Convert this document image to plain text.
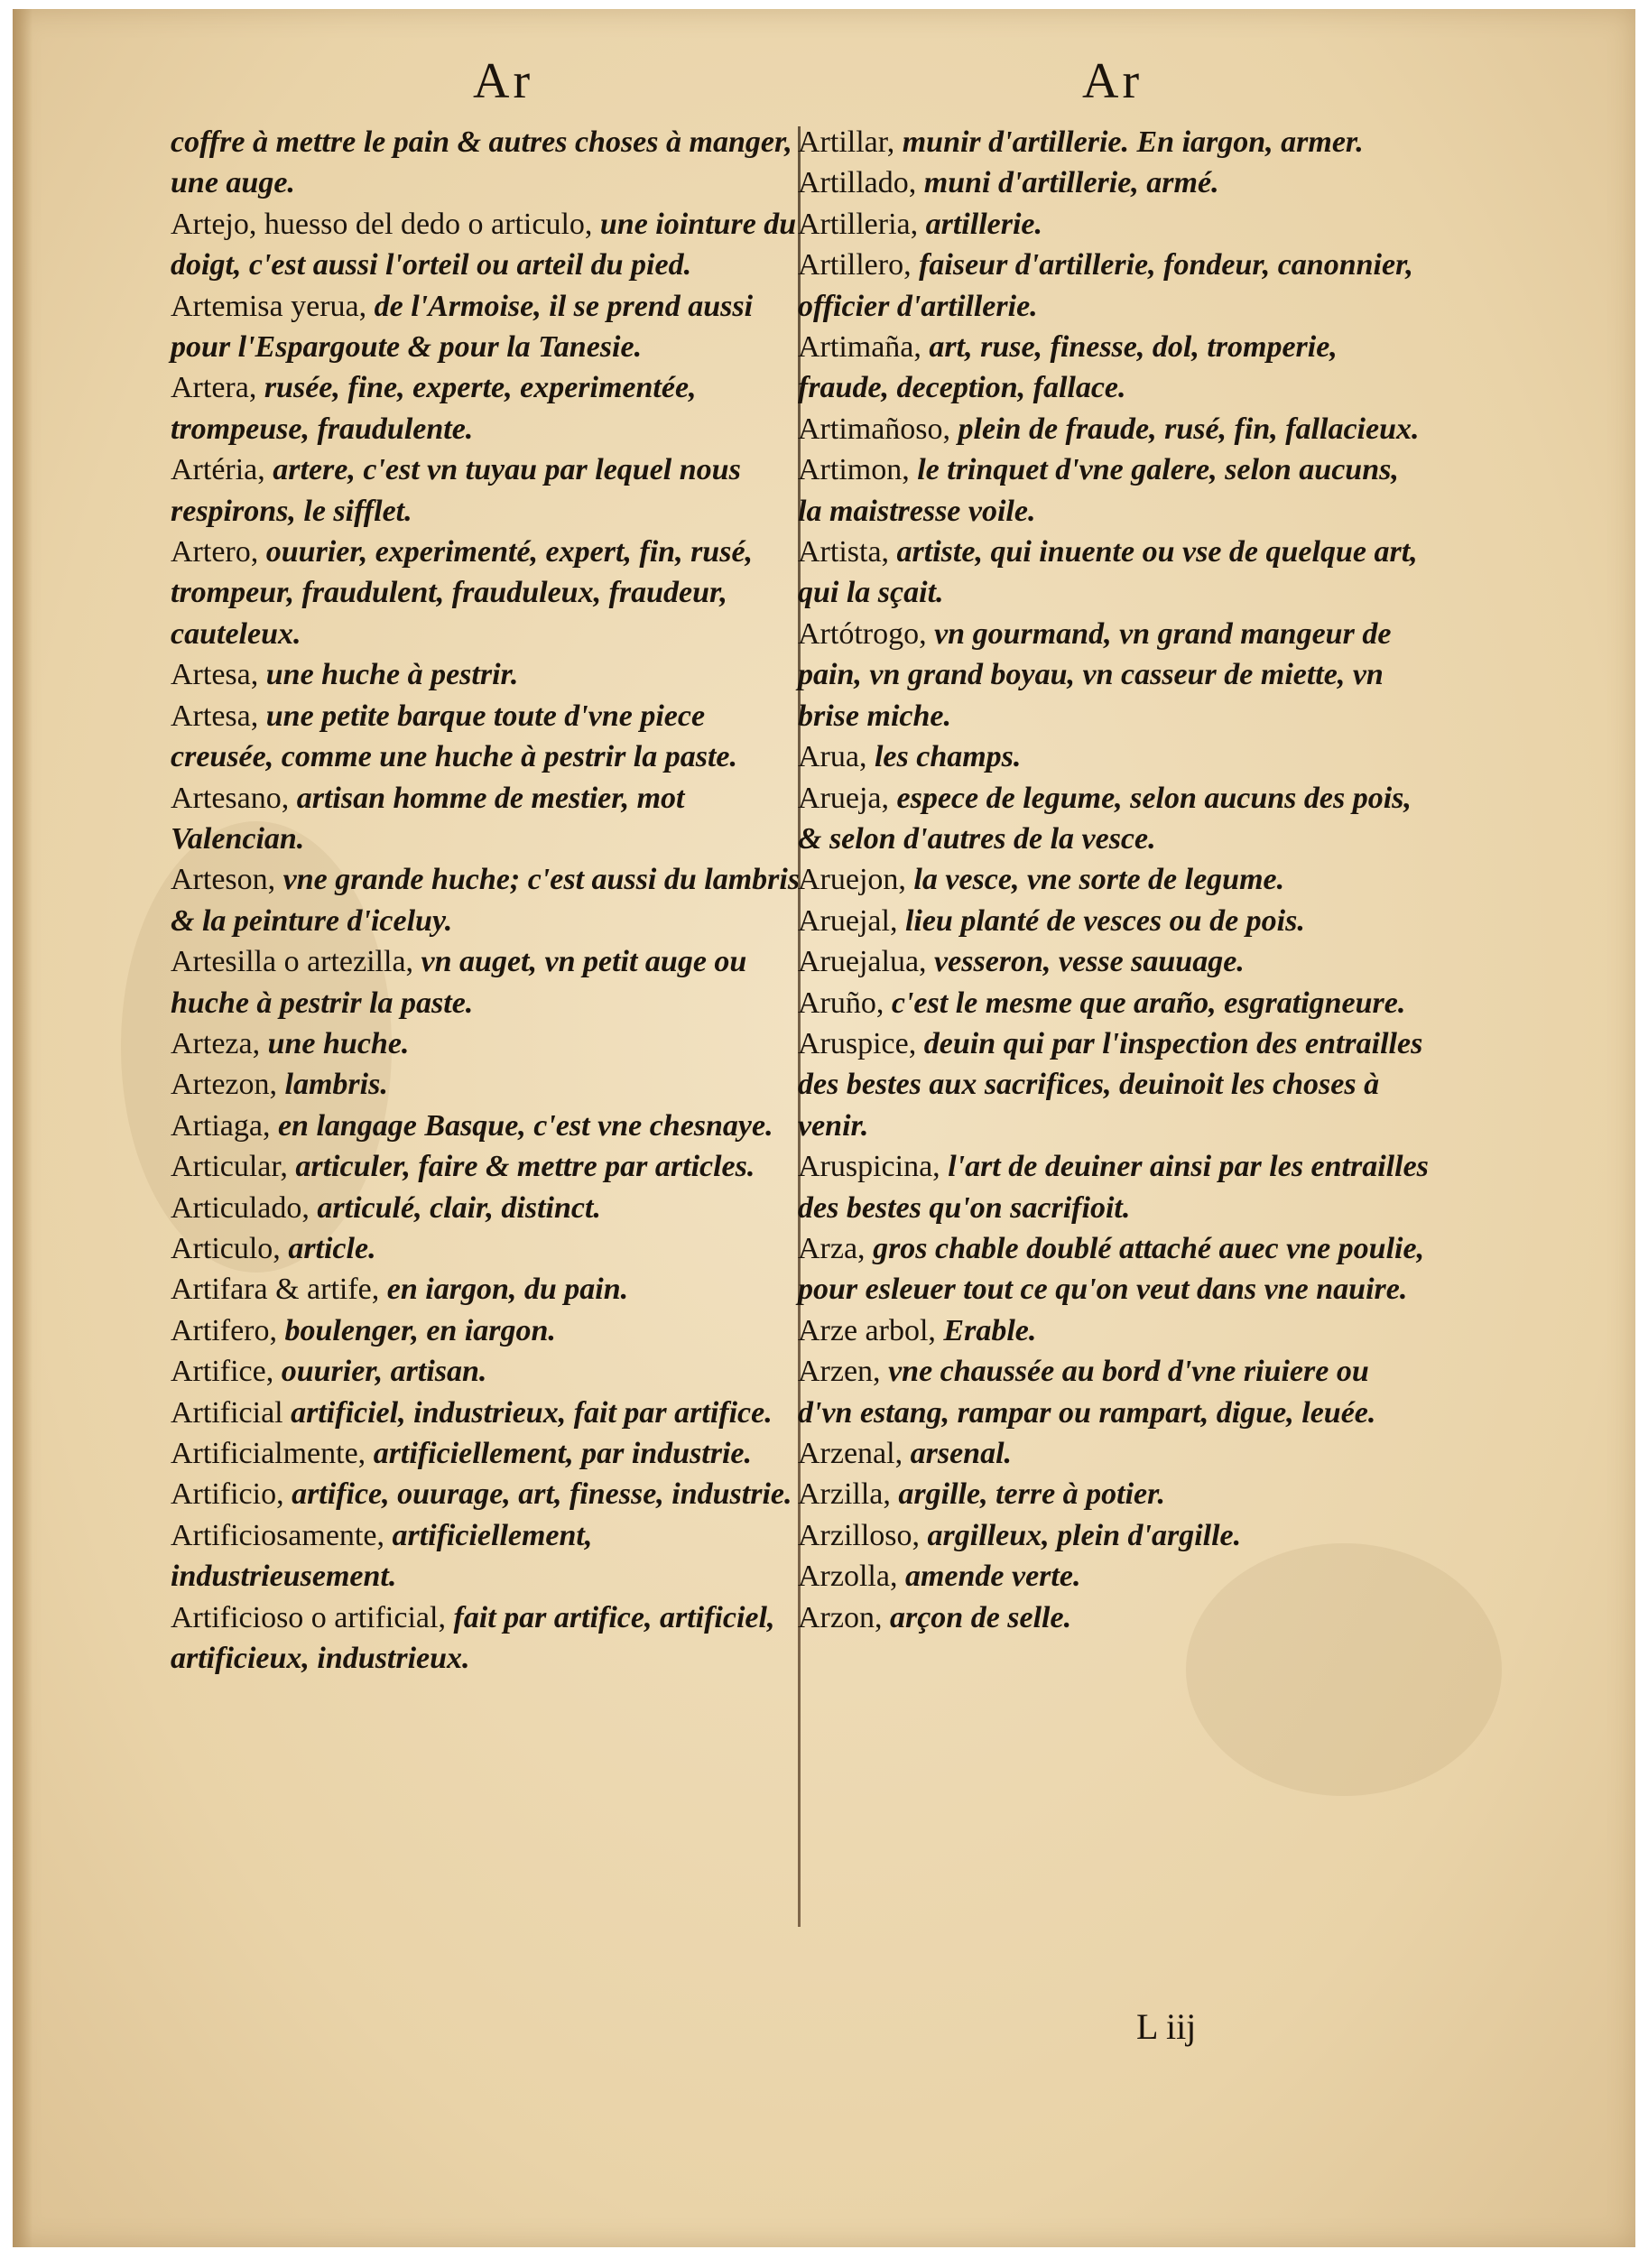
Ar	Ar
coffre à mettre le pain & autres choses à manger, une auge.
Artejo, huesso del dedo o articulo, une iointure du doigt, c'est aussi l'orteil ou arteil du pied.
Artemisa yerua, de l'Armoise, il se prend aussi pour l'Espargoute & pour la Tanesie.
Artera, rusée, fine, experte, experimentée, trompeuse, fraudulente.
Artéria, artere, c'est vn tuyau par lequel nous respirons, le sifflet.
Artero, ouurier, experimenté, expert, fin, rusé, trompeur, fraudulent, frauduleux, fraudeur, cauteleux.
Artesa, une huche à pestrir.
Artesa, une petite barque toute d'vne piece creusée, comme une huche à pestrir la paste.
Artesano, artisan homme de mestier, mot Valencian.
Arteson, vne grande huche; c'est aussi du lambris & la peinture d'iceluy.
Artesilla o artezilla, vn auget, vn petit auge ou huche à pestrir la paste.
Arteza, une huche.
Artezon, lambris.
Artiaga, en langage Basque, c'est vne chesnaye.
Articular, articuler, faire & mettre par articles.
Articulado, articulé, clair, distinct.
Articulo, article.
Artifara & artife, en iargon, du pain.
Artifero, boulenger, en iargon.
Artifice, ouurier, artisan.
Artificial artificiel, industrieux, fait par artifice.
Artificialmente, artificiellement, par industrie.
Artificio, artifice, ouurage, art, finesse, industrie.
Artificiosamente, artificiellement, industrieusement.
Artificioso o artificial, fait par artifice, artificiel, artificieux, industrieux.
Artillar, munir d'artillerie. En iargon, armer.
Artillado, muni d'artillerie, armé.
Artilleria, artillerie.
Artillero, faiseur d'artillerie, fondeur, canonnier, officier d'artillerie.
Artimaña, art, ruse, finesse, dol, tromperie, fraude, deception, fallace.
Artimañoso, plein de fraude, rusé, fin, fallacieux.
Artimon, le trinquet d'vne galere, selon aucuns, la maistresse voile.
Artista, artiste, qui inuente ou vse de quelque art, qui la sçait.
Artótrogo, vn gourmand, vn grand mangeur de pain, vn grand boyau, vn casseur de miette, vn brise miche.
Arua, les champs.
Arueja, espece de legume, selon aucuns des pois, & selon d'autres de la vesce.
Aruejon, la vesce, vne sorte de legume.
Aruejal, lieu planté de vesces ou de pois.
Aruejalua, vesseron, vesse sauuage.
Aruño, c'est le mesme que araño, esgratigneure.
Aruspice, deuin qui par l'inspection des entrailles des bestes aux sacrifices, deuinoit les choses à venir.
Aruspicina, l'art de deuiner ainsi par les entrailles des bestes qu'on sacrifioit.
Arza, gros chable doublé attaché auec vne poulie, pour esleuer tout ce qu'on veut dans vne nauire.
Arze arbol, Erable.
Arzen, vne chaussée au bord d'vne riuiere ou d'vn estang, rampar ou rampart, digue, leuée.
Arzenal, arsenal.
Arzilla, argille, terre à potier.
Arzilloso, argilleux, plein d'argille.
Arzolla, amende verte.
Arzon, arçon de selle.
L iij
